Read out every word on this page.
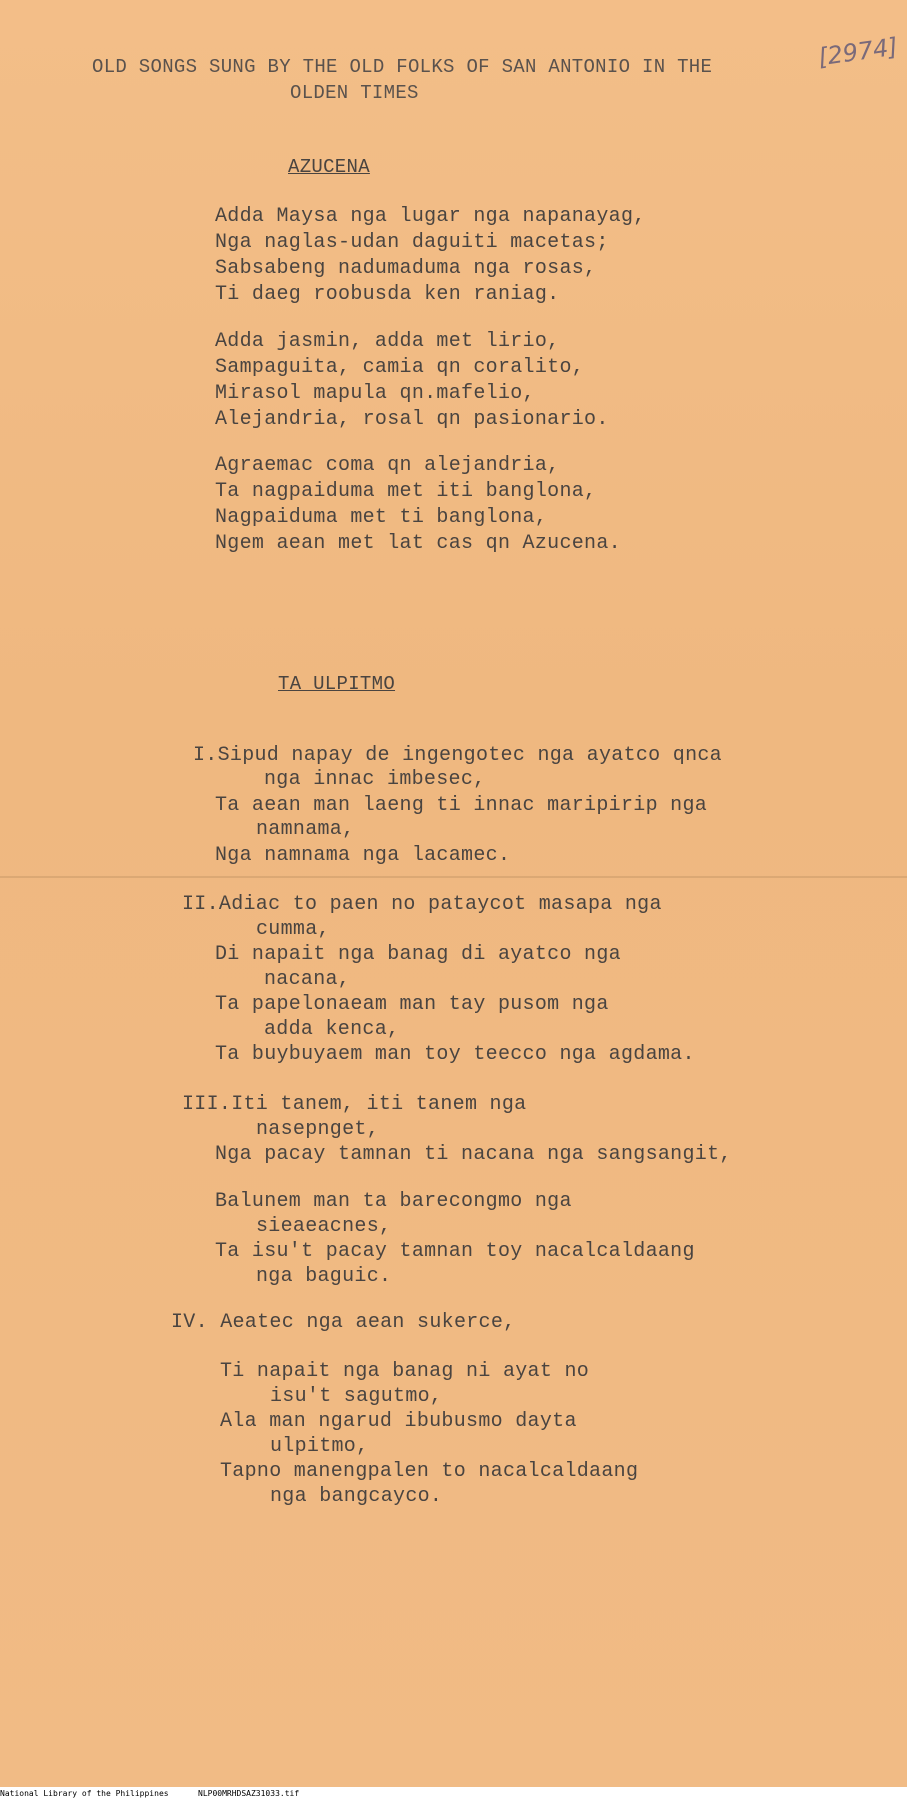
OLD SONGS SUNG BY THE OLD FOLKS OF SAN ANTONIO IN THE
OLDEN TIMES
[2974]
AZUCENA
Adda Maysa nga lugar nga napanayag,
Nga naglas-udan daguiti macetas;
Sabsabeng nadumaduma nga rosas,
Ti daeg roobusda ken raniag.
Adda jasmin, adda met lirio,
Sampaguita, camia qn coralito,
Mirasol mapula qn.mafelio,
Alejandria, rosal qn pasionario.
Agraemac coma qn alejandria,
Ta nagpaiduma met iti banglona,
Nagpaiduma met ti banglona,
Ngem aean met lat cas qn Azucena.
TA ULPITMO
I.Sipud napay de ingengotec nga ayatco qnca
nga innac imbesec,
Ta aean man laeng ti innac maripirip nga
namnama,
Nga namnama nga lacamec.
II.Adiac to paen no pataycot masapa nga
cumma,
Di napait nga banag di ayatco nga
nacana,
Ta papelonaeam man tay pusom nga
adda kenca,
Ta buybuyaem man toy teecco nga agdama.
III.Iti tanem, iti tanem nga
nasepnget,
Nga pacay tamnan ti nacana nga sangsangit,
Balunem man ta barecongmo nga
sieaeacnes,
Ta isu't pacay tamnan toy nacalcaldaang
nga baguic.
IV. Aeatec nga aean sukerce,
Ti napait nga banag ni ayat no
isu't sagutmo,
Ala man ngarud ibubusmo dayta
ulpitmo,
Tapno manengpalen to nacalcaldaang
nga bangcayco.
National Library of the Philippines	NLP00MRHDSAZ31033.tif
